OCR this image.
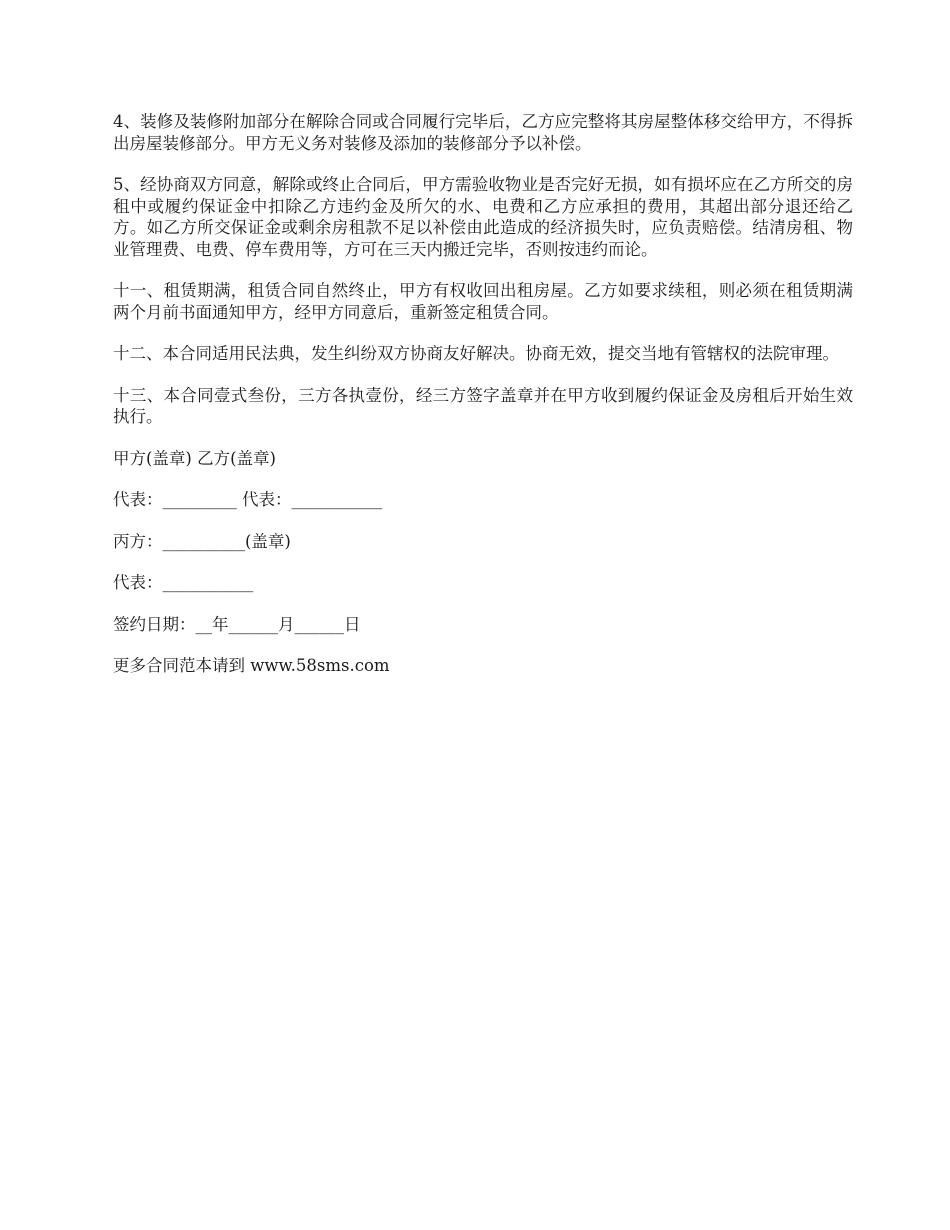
4、装修及装修附加部分在解除合同或合同履行完毕后，乙方应完整将其房屋整体移交给甲方，不得拆出房屋装修部分。甲方无义务对装修及添加的装修部分予以补偿。

5、经协商双方同意，解除或终止合同后，甲方需验收物业是否完好无损，如有损坏应在乙方所交的房租中或履约保证金中扣除乙方违约金及所欠的水、电费和乙方应承担的费用，其超出部分退还给乙方。如乙方所交保证金或剩余房租款不足以补偿由此造成的经济损失时，应负责赔偿。结清房租、物业管理费、电费、停车费用等，方可在三天内搬迁完毕，否则按违约而论。

十一、租赁期满，租赁合同自然终止，甲方有权收回出租房屋。乙方如要求续租，则必须在租赁期满两个月前书面通知甲方，经甲方同意后，重新签定租赁合同。

十二、本合同适用民法典，发生纠纷双方协商友好解决。协商无效，提交当地有管辖权的法院审理。

十三、本合同壹式叁份，三方各执壹份，经三方签字盖章并在甲方收到履约保证金及房租后开始生效执行。

甲方(盖章) 乙方(盖章)

代表：_________ 代表：___________

丙方：__________(盖章)

代表：___________

签约日期：__年______月______日

更多合同范本请到 www.58sms.com
